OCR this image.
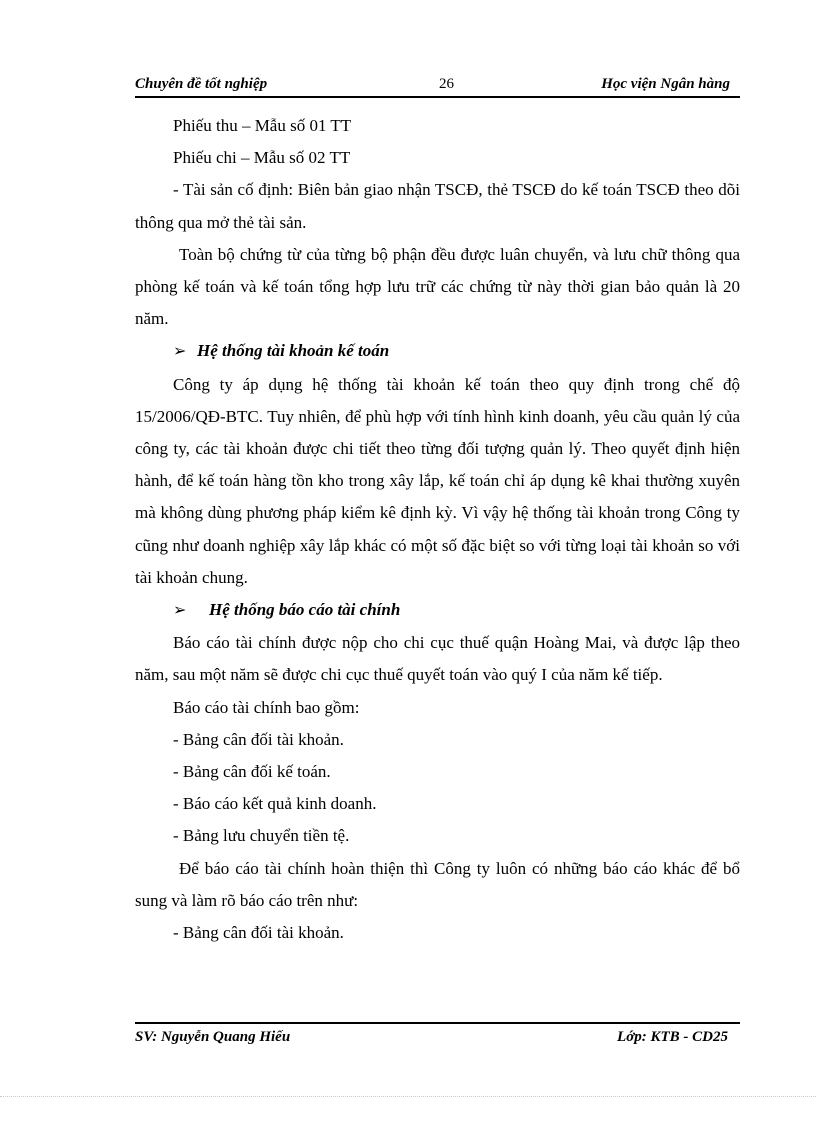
Chuyên đề tốt nghiệp	26	Học viện Ngân hàng

Phiếu thu – Mẫu số 01 TT

Phiếu chi – Mẫu số 02 TT

- Tài sản cố định: Biên bản giao nhận TSCĐ, thẻ TSCĐ do kế toán TSCĐ theo dõi thông qua mở thẻ tài sản.

Toàn bộ chứng từ của từng bộ phận đều được luân chuyển, và lưu chữ thông qua phòng kế toán và kế toán tổng hợp lưu trữ các chứng từ này thời gian bảo quản là 20 năm.

➢ Hệ thống tài khoản kế toán

Công ty áp dụng hệ thống tài khoản kế toán theo quy định trong chế độ 15/2006/QĐ-BTC. Tuy nhiên, để phù hợp với tính hình kinh doanh, yêu cầu quản lý của công ty, các tài khoản được chi tiết theo từng đối tượng quản lý. Theo quyết định hiện hành, để kế toán hàng tồn kho trong xây lắp, kế toán chỉ áp dụng kê khai thường xuyên mà không dùng phương pháp kiểm kê định kỳ. Vì vậy hệ thống tài khoản trong Công ty cũng như doanh nghiệp xây lắp khác có một số đặc biệt so với từng loại tài khoản so với tài khoản chung.

➢ Hệ thống báo cáo tài chính

Báo cáo tài chính được nộp cho chi cục thuế quận Hoàng Mai, và được lập theo năm, sau một năm sẽ được chi cục thuế quyết toán vào quý I của năm kế tiếp.

Báo cáo tài chính bao gồm:

- Bảng cân đối tài khoản.

- Bảng cân đối kế toán.

- Báo cáo kết quả kinh doanh.

- Bảng lưu chuyển tiền tệ.

Để báo cáo tài chính hoàn thiện thì Công ty luôn có những báo cáo khác để bổ sung và làm rõ báo cáo trên như:

- Bảng cân đối tài khoản.

SV: Nguyễn Quang Hiếu	Lớp: KTB - CD25
